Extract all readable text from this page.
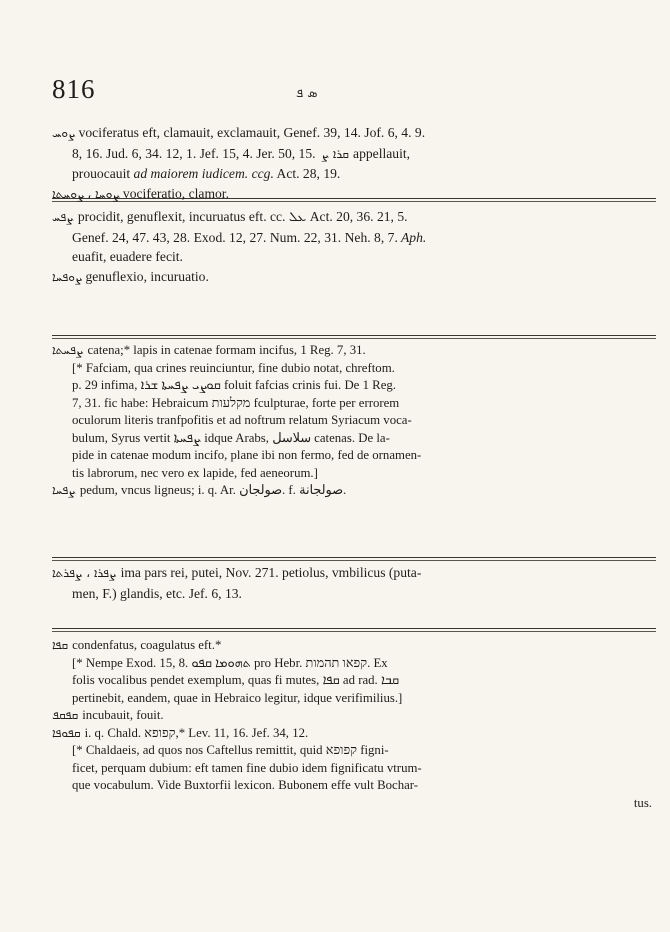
816	ܣ ܦ

ܨܘܚ vociferatus eft, clamauit, exclamauit, Genef. 39, 14. Jof. 6, 4. 9.

8, 16. Jud. 6, 34. 12, 1. Jef. 15, 4. Jer. 50, 15. ܩܪܐ ܨ appellauit,

prouocauit ad maiorem iudicem. ccg. Act. 28, 19.

ܨܘܚܐ ، ܨܘܚܬܐ vociferatio, clamor.

ܨܦܚ procidit, genuflexit, incuruatus eft. cc. ܥܠ Act. 20, 36. 21, 5.

Genef. 24, 47. 43, 28. Exod. 12, 27. Num. 22, 31. Neh. 8, 7. Aph.

euafit, euadere fecit.

ܨܘܦܚܐ genuflexio, incuruatio.

ܨܦܚܬܐ catena;* lapis in catenae formam incifus, 1 Reg. 7, 31.

[* Fafciam, qua crines reuinciuntur, fine dubio notat, chreftom.

p. 29 infima, ܩܘܨܝ ܨܦܚܬܐ ܫܪܐ foluit fafcias crinis fui. De 1 Reg.

7, 31. fic habe: Hebraicum מקלעות fculpturae, forte per errorem

oculorum literis tranfpofitis et ad noftrum relatum Syriacum voca-

bulum, Syrus vertit ܨܦܚܬܐ idque Arabs, سلاسل catenas. De la-

pide in catenae modum incifo, plane ibi non fermo, fed de ornamen-

tis labrorum, nec vero ex lapide, fed aeneorum.]

ܨܦܚܐ pedum, vncus ligneus; i. q. Ar. صولجان. f. صولجانة.

ܨܦܪܐ ، ܨܦܪܬܐ ima pars rei, putei, Nov. 271. petiolus, vmbilicus (puta-

men, F.) glandis, etc. Jef. 6, 13.

ܩܦܐ condenfatus, coagulatus eft.*

[* Nempe Exod. 15, 8. ܬܗܘܡܐ ܩܦܘ pro Hebr. קפאו תהמות. Ex

folis vocalibus pendet exemplum, quas fi mutes, ܩܦܐ ad rad. ܩܒܐ

pertinebit, eandem, quae in Hebraico legitur, idque verifimilius.]

ܩܦܩܦ incubauit, fouit.

ܩܦܘܦܐ i. q. Chald. קפופא,* Lev. 11, 16. Jef. 34, 12.

[* Chaldaeis, ad quos nos Caftellus remittit, quid קפופא figni-

ficet, perquam dubium: eft tamen fine dubio idem fignificatu vtrum-

que vocabulum. Vide Buxtorfii lexicon. Bubonem effe vult Bochar-

tus.
